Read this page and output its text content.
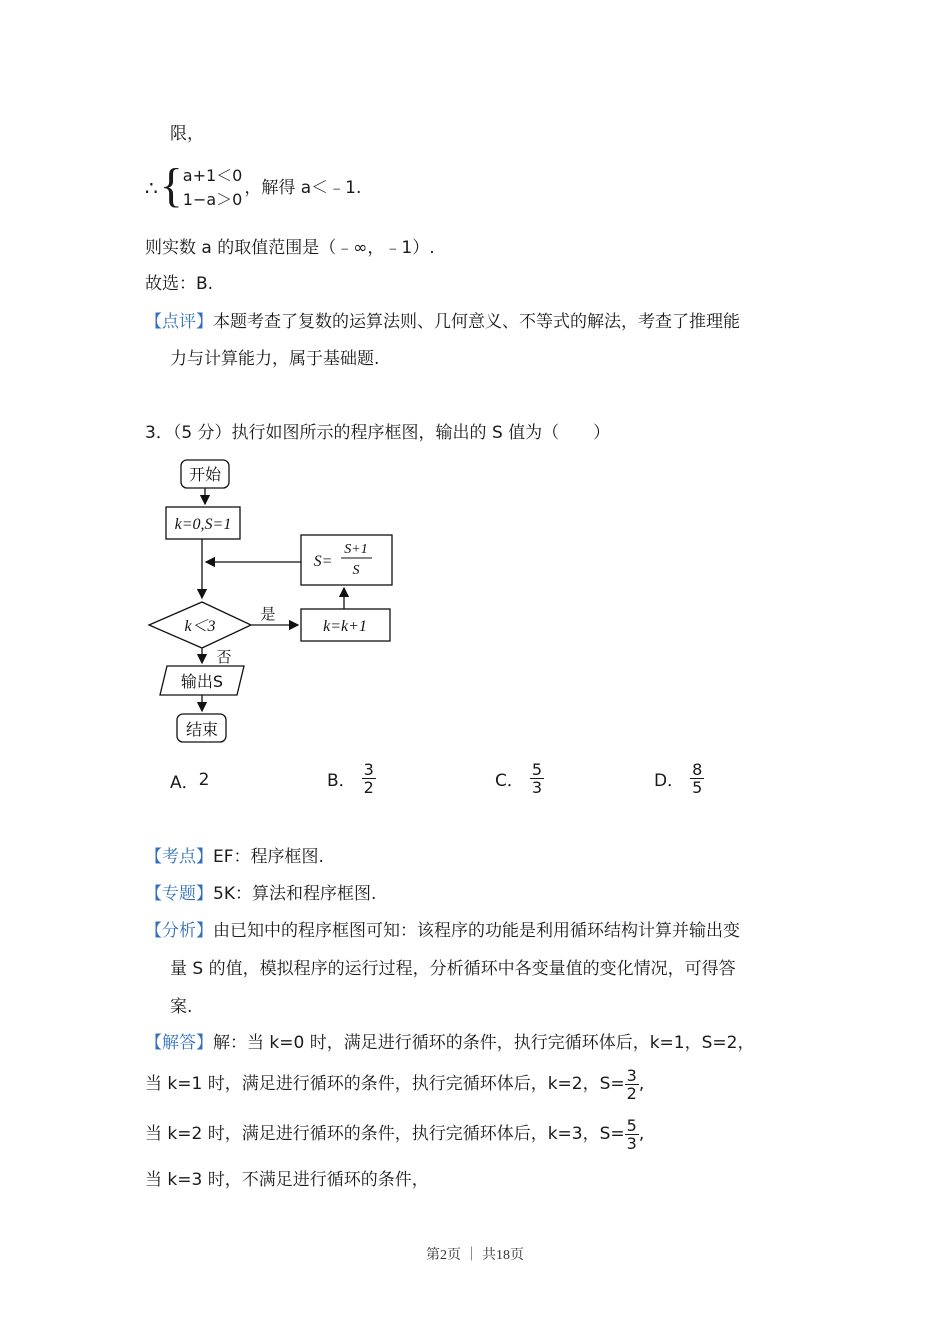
限，
∴ { a+1＜0
1−a＞0
，解得 a＜﹣1.
则实数 a 的取值范围是（﹣∞，﹣1）.
故选：B.
【点评】本题考查了复数的运算法则、几何意义、不等式的解法，考查了推理能
力与计算能力，属于基础题.
3．（5 分）执行如图所示的程序框图，输出的 S 值为（　　）
开始
k=0,S=1
S=
S+1
S
k＜3
是
k=k+1
否
输出S
结束
A． 2	B． $\frac{3}{2}$	C． $\frac{5}{3}$	D． $\frac{8}{5}$
【考点】EF：程序框图.
【专题】5K：算法和程序框图.
【分析】由已知中的程序框图可知：该程序的功能是利用循环结构计算并输出变
量 S 的值，模拟程序的运行过程，分析循环中各变量值的变化情况，可得答
案.
【解答】解：当 k=0 时，满足进行循环的条件，执行完循环体后，k=1，S=2，
当 k=1 时，满足进行循环的条件，执行完循环体后，k=2，$S= \frac{3}{2}$ ,
当 k=2 时，满足进行循环的条件，执行完循环体后，k=3，$S= \frac{5}{3}$ ,
当 k=3 时，不满足进行循环的条件，
第2页 ｜ 共18页
